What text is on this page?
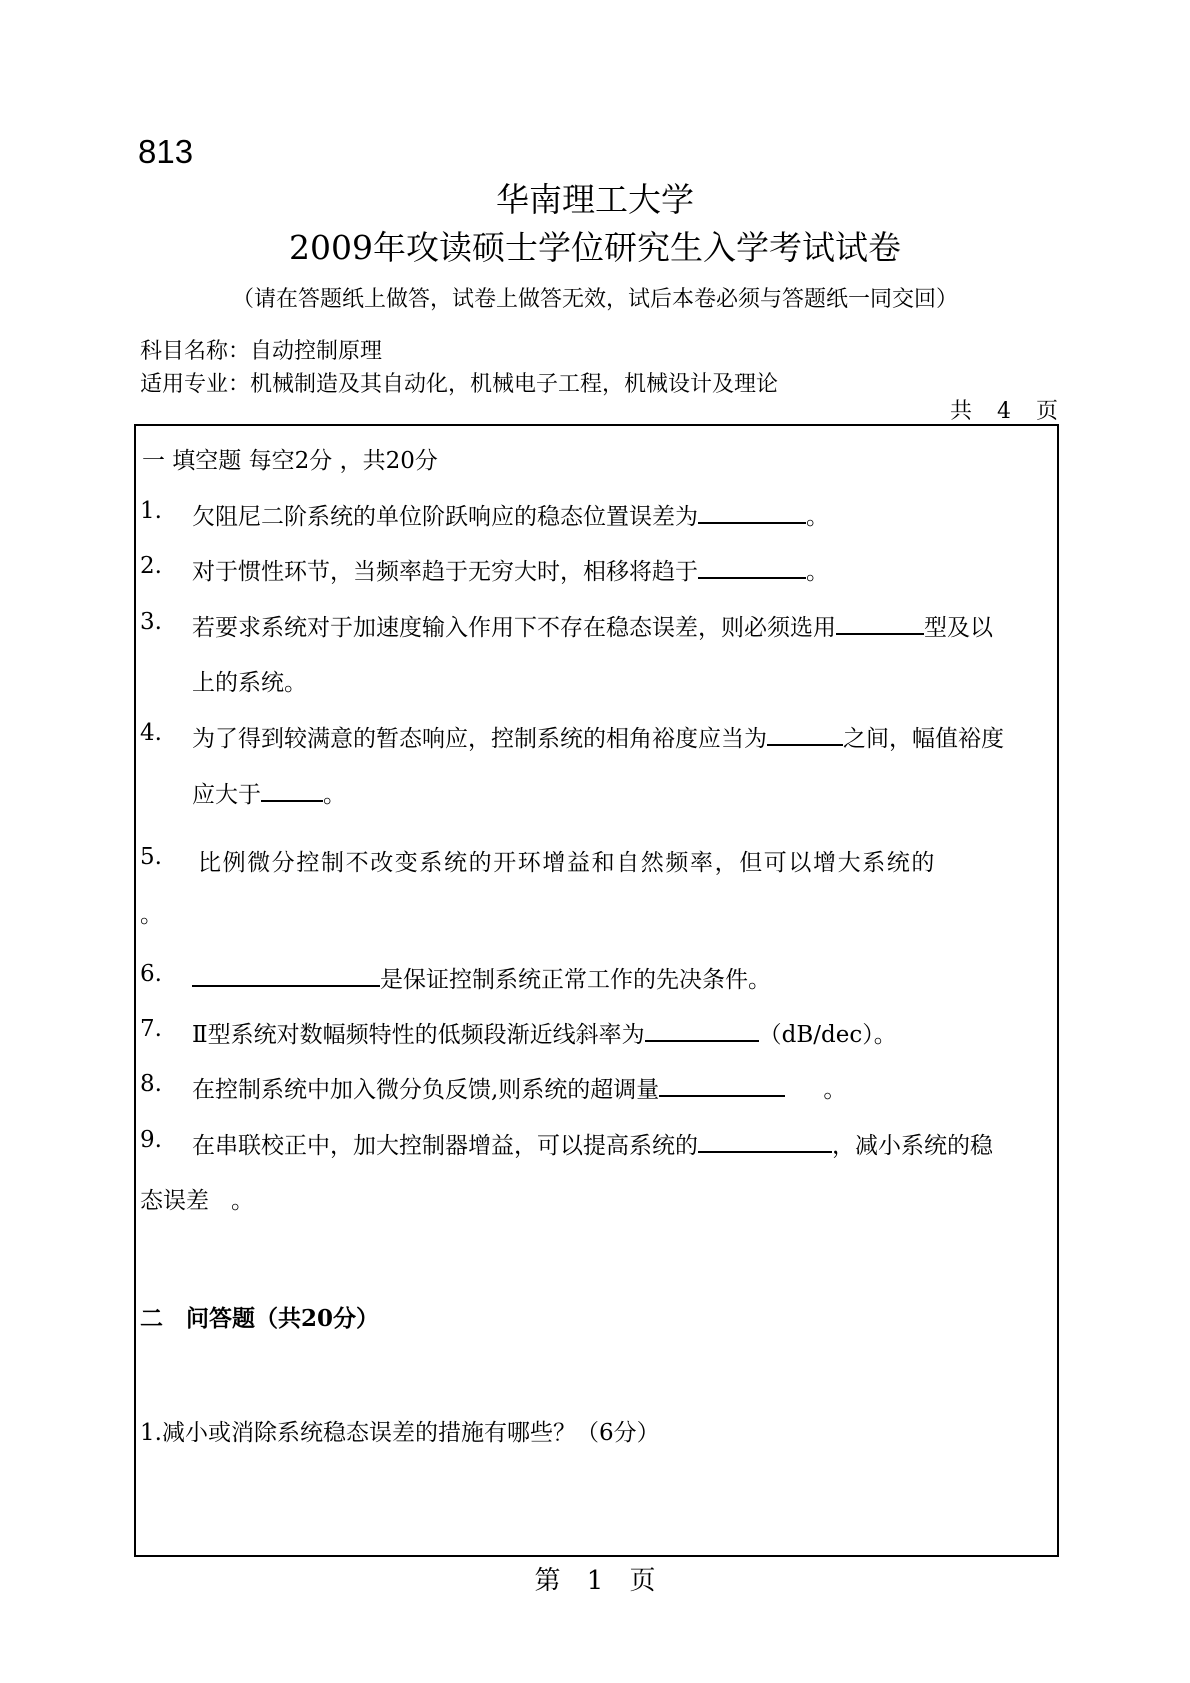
813
华南理工大学
2009年攻读硕士学位研究生入学考试试卷
（请在答题纸上做答，试卷上做答无效，试后本卷必须与答题纸一同交回）
科目名称：自动控制原理
适用专业：机械制造及其自动化，机械电子工程，机械设计及理论
共 4 页
一 填空题 每空2分 ，共20分
1. 欠阻尼二阶系统的单位阶跃响应的稳态位置误差为	。
2. 对于惯性环节，当频率趋于无穷大时，相移将趋于	。
3. 若要求系统对于加速度输入作用下不存在稳态误差，则必须选用	型及以
上的系统。
4. 为了得到较满意的暂态响应，控制系统的相角裕度应当为	之间，幅值裕度
应大于	。
5. 比例微分控制不改变系统的开环增益和自然频率，但可以增大系统的
。
6.	是保证控制系统正常工作的先决条件。
7. Ⅱ型系统对数幅频特性的低频段渐近线斜率为	（dB/dec）。
8. 在控制系统中加入微分负反馈,则系统的超调量	。
9. 在串联校正中，加大控制器增益，可以提高系统的	，减小系统的稳
态误差 。
二　问答题（共20分）
1.减小或消除系统稳态误差的措施有哪些？（6分）
第 1 页
